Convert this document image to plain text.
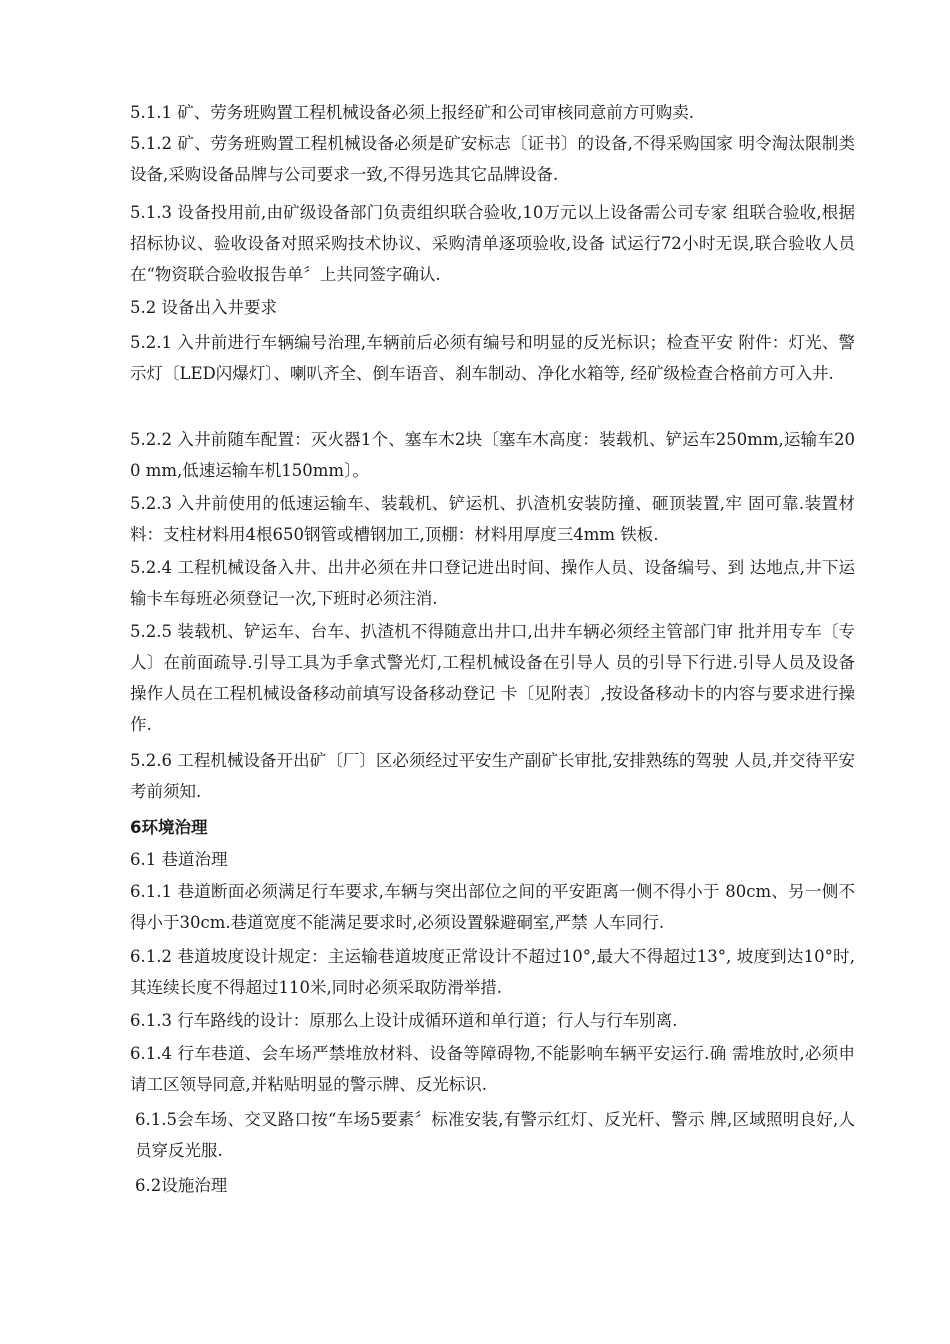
5.1.1 矿、劳务班购置工程机械设备必须上报经矿和公司审核同意前方可购卖.
5.1.2 矿、劳务班购置工程机械设备必须是矿安标志〔证书〕的设备,不得采购国家 明令淘汰限制类设备,采购设备品牌与公司要求一致,不得另选其它品牌设备.
5.1.3 设备投用前,由矿级设备部门负责组织联合验收,10万元以上设备需公司专家 组联合验收,根据招标协议、验收设备对照采购技术协议、采购清单逐项验收,设备 试运行72小时无误,联合验收人员在“物资联合验收报告单〞上共同签字确认.
5.2 设备出入井要求
5.2.1 入井前进行车辆编号治理,车辆前后必须有编号和明显的反光标识；检查平安 附件：灯光、警示灯〔LED闪爆灯〕、喇叭齐全、倒车语音、刹车制动、净化水箱等, 经矿级检查合格前方可入井.
5.2.2 入井前随车配置：灭火器1个、塞车木2块〔塞车木高度：装载机、铲运车250mm,运输车200 mm,低速运输车机150mm〕。
5.2.3 入井前使用的低速运输车、装载机、铲运机、扒渣机安装防撞、砸顶装置,牢 固可靠.装置材料：支柱材料用4根650钢管或槽钢加工,顶棚：材料用厚度三4mm 铁板.
5.2.4 工程机械设备入井、出井必须在井口登记进出时间、操作人员、设备编号、到 达地点,井下运输卡车每班必须登记一次,下班时必须注消.
5.2.5 装载机、铲运车、台车、扒渣机不得随意出井口,出井车辆必须经主管部门审 批并用专车〔专人〕在前面疏导.引导工具为手拿式警光灯,工程机械设备在引导人 员的引导下行进.引导人员及设备操作人员在工程机械设备移动前填写设备移动登记 卡〔见附表〕,按设备移动卡的内容与要求进行操作.
5.2.6 工程机械设备开出矿〔厂〕区必须经过平安生产副矿长审批,安排熟练的驾驶 人员,并交待平安考前须知.
6环境治理
6.1 巷道治理
6.1.1 巷道断面必须满足行车要求,车辆与突出部位之间的平安距离一侧不得小于 80cm、另一侧不得小于30cm.巷道宽度不能满足要求时,必须设置躲避硐室,严禁 人车同行.
6.1.2 巷道坡度设计规定：主运输巷道坡度正常设计不超过10°,最大不得超过13°, 坡度到达10°时,其连续长度不得超过110米,同时必须采取防滑举措.
6.1.3 行车路线的设计：原那么上设计成循环道和单行道；行人与行车别离.
6.1.4 行车巷道、会车场严禁堆放材料、设备等障碍物,不能影响车辆平安运行.确 需堆放时,必须申请工区领导同意,并粘贴明显的警示牌、反光标识.
6.1.5会车场、交叉路口按“车场5要素〞标准安装,有警示红灯、反光杆、警示 牌,区域照明良好,人员穿反光服.
6.2设施治理
